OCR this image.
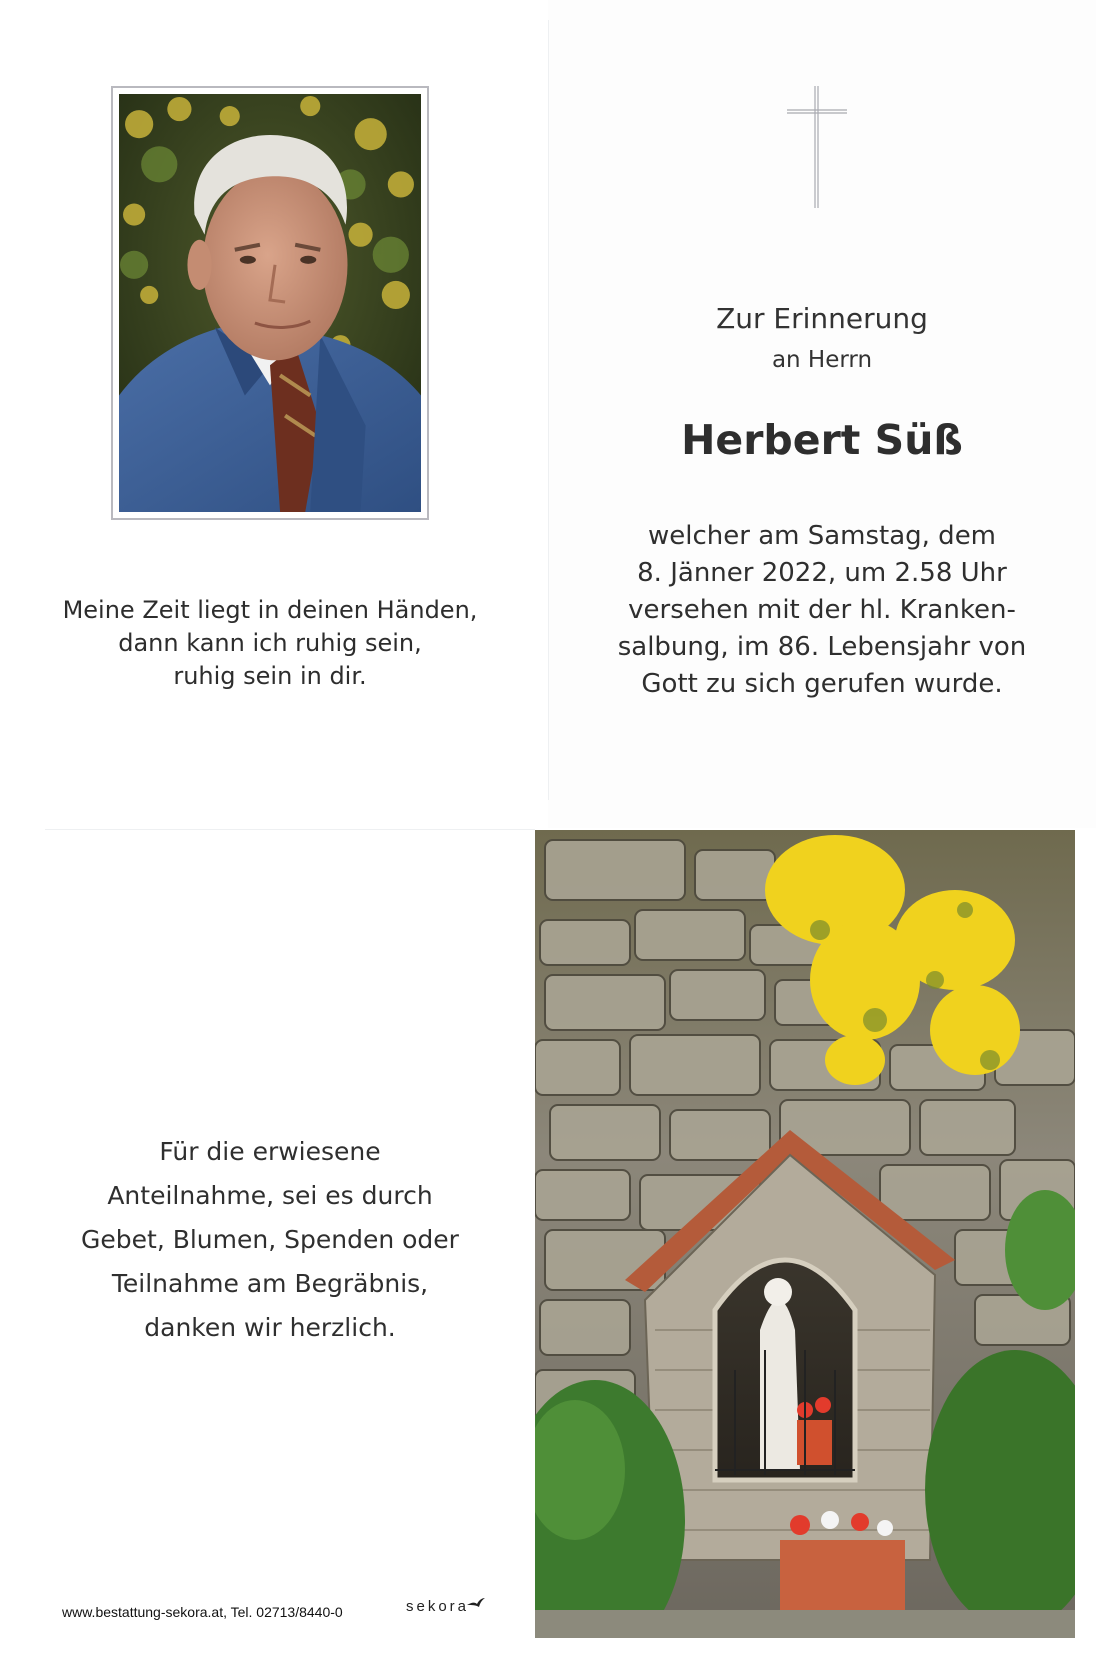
Meine Zeit liegt in deinen Händen,
dann kann ich ruhig sein,
ruhig sein in dir.
Zur Erinnerung
an Herrn
Herbert Süß
welcher am Samstag, dem
8. Jänner 2022, um 2.58 Uhr
versehen mit der hl. Kranken-
salbung, im 86. Lebensjahr von
Gott zu sich gerufen wurde.
Für die erwiesene
Anteilnahme, sei es durch
Gebet, Blumen, Spenden oder
Teilnahme am Begräbnis,
danken wir herzlich.
www.bestattung-sekora.at, Tel. 02713/8440-0	sekora
